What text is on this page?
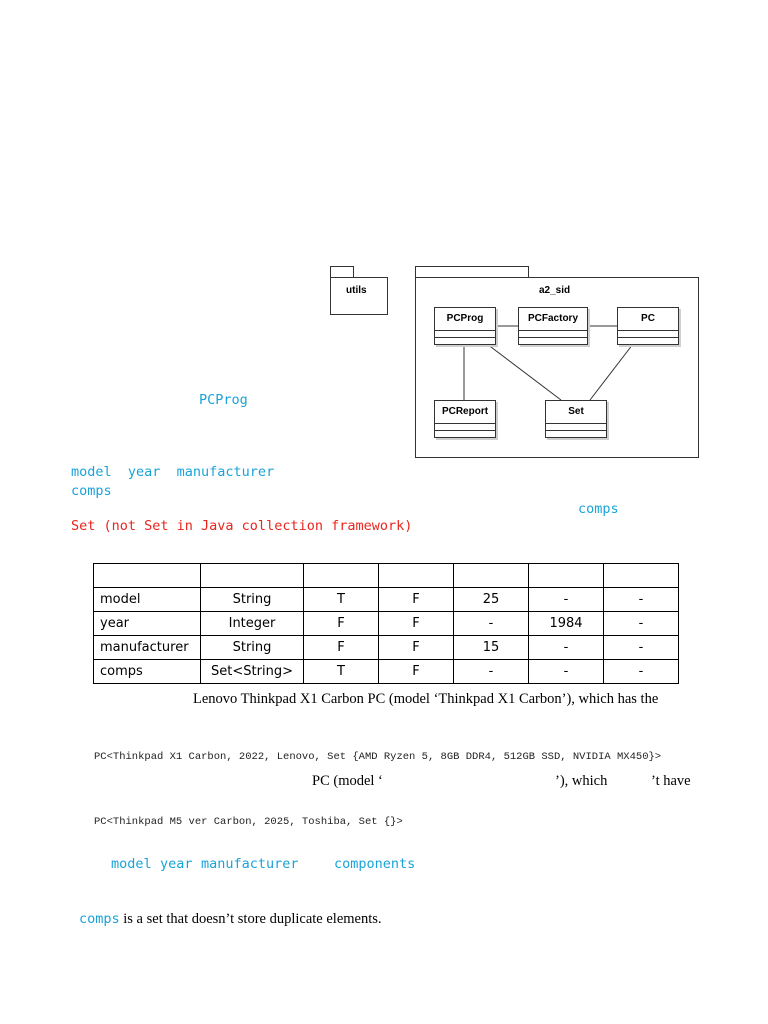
utils	a2_sid
PCProg	PCFactory	PC
PCReport	Set
PCProg
model  year  manufacturer
comps
comps
Set (not Set in Java collection framework)

model	String	T	F	25	-	-
year	Integer	F	F	-	1984	-
manufacturer	String	F	F	15	-	-
comps	Set<String>	T	F	-	-	-
Lenovo Thinkpad X1 Carbon PC (model ‘Thinkpad X1 Carbon’), which has the
PC<Thinkpad X1 Carbon, 2022, Lenovo, Set {AMD Ryzen 5, 8GB DDR4, 512GB SSD, NVIDIA MX450}>
PC (model ‘	’), which	’t have
PC<Thinkpad M5 ver Carbon, 2025, Toshiba, Set {}>
model year manufacturer	components

comps is a set that doesn’t store duplicate elements.
